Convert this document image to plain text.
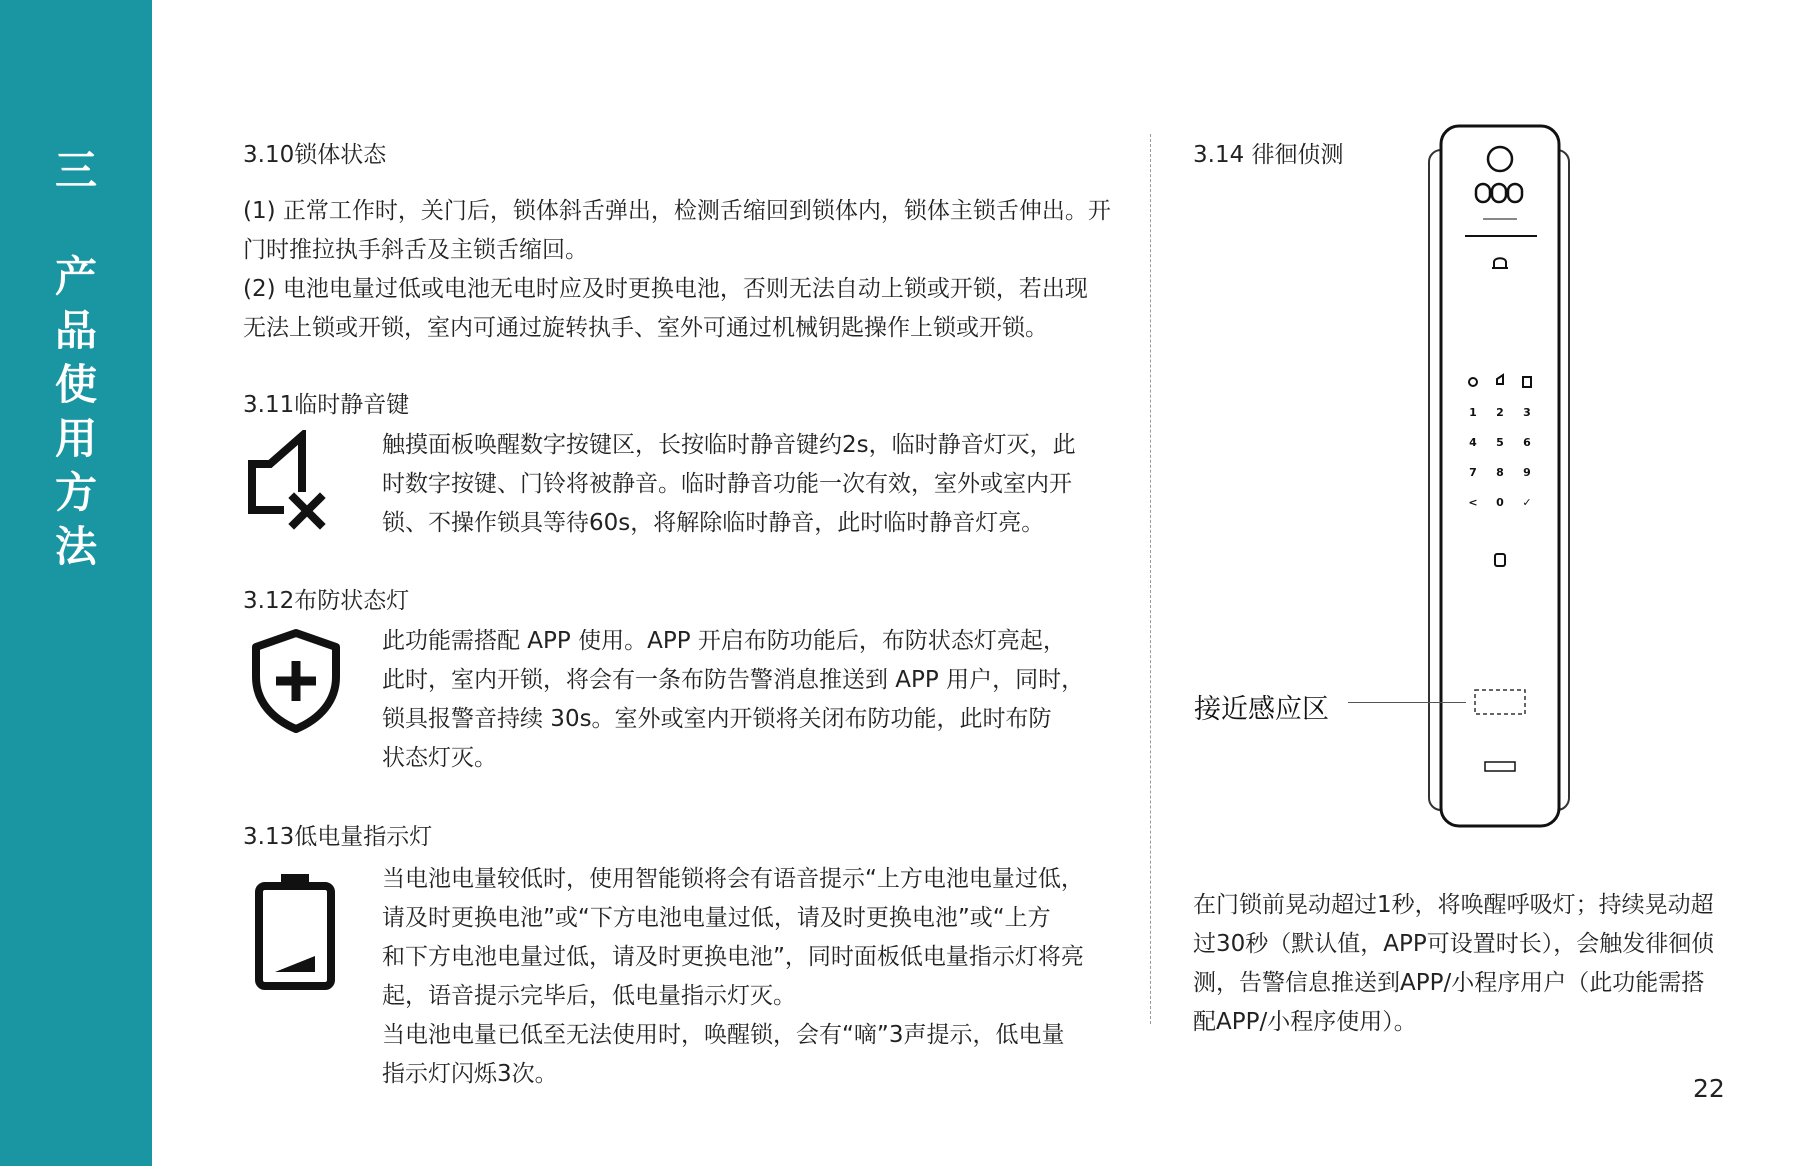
三
产
品
使
用
方
法
3.10锁体状态
(1) 正常工作时，关门后，锁体斜舌弹出，检测舌缩回到锁体内，锁体主锁舌伸出。开
门时推拉执手斜舌及主锁舌缩回。
(2) 电池电量过低或电池无电时应及时更换电池，否则无法自动上锁或开锁，若出现
无法上锁或开锁，室内可通过旋转执手、室外可通过机械钥匙操作上锁或开锁。
3.11临时静音键
触摸面板唤醒数字按键区，长按临时静音键约2s，临时静音灯灭，此
时数字按键、门铃将被静音。临时静音功能一次有效，室外或室内开
锁、不操作锁具等待60s，将解除临时静音，此时临时静音灯亮。
3.12布防状态灯
此功能需搭配 APP 使用。APP 开启布防功能后，布防状态灯亮起，
此时，室内开锁，将会有一条布防告警消息推送到 APP 用户，同时，
锁具报警音持续 30s。室外或室内开锁将关闭布防功能，此时布防
状态灯灭。
3.13低电量指示灯
当电池电量较低时，使用智能锁将会有语音提示“上方电池电量过低，
请及时更换电池”或“下方电池电量过低，请及时更换电池”或“上方
和下方电池电量过低，请及时更换电池”，同时面板低电量指示灯将亮
起，语音提示完毕后，低电量指示灯灭。
当电池电量已低至无法使用时，唤醒锁，会有“嘀”3声提示，低电量
指示灯闪烁3次。
3.14 徘徊侦测
1 2 3
4 5 6
7 8 9
< 0 ✓
接近感应区
在门锁前晃动超过1秒，将唤醒呼吸灯；持续晃动超
过30秒（默认值，APP可设置时长），会触发徘徊侦
测，告警信息推送到APP/小程序用户（此功能需搭
配APP/小程序使用）。
22
